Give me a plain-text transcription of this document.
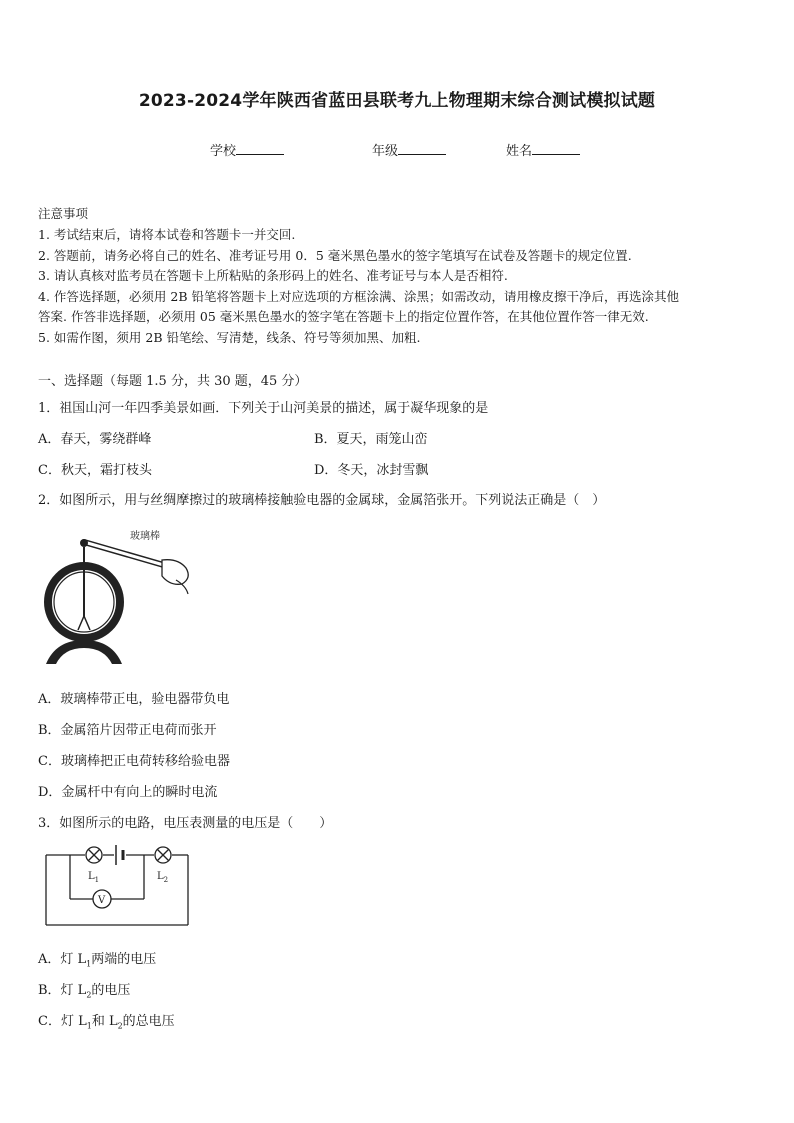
2023-2024学年陕西省蓝田县联考九上物理期末综合测试模拟试题
学校	年级	姓名
注意事项
1. 考试结束后，请将本试卷和答题卡一并交回.
2. 答题前，请务必将自己的姓名、准考证号用 0．5 毫米黑色墨水的签字笔填写在试卷及答题卡的规定位置.
3. 请认真核对监考员在答题卡上所粘贴的条形码上的姓名、准考证号与本人是否相符.
4. 作答选择题，必须用 2B 铅笔将答题卡上对应选项的方框涂满、涂黑；如需改动，请用橡皮擦干净后，再选涂其他
答案. 作答非选择题，必须用 05 毫米黑色墨水的签字笔在答题卡上的指定位置作答，在其他位置作答一律无效.
5. 如需作图，须用 2B 铅笔绘、写清楚，线条、符号等须加黑、加粗.
一、选择题（每题 1.5 分，共 30 题，45 分）
1．祖国山河一年四季美景如画．下列关于山河美景的描述，属于凝华现象的是
A．春天，雾绕群峰	B．夏天，雨笼山峦
C．秋天，霜打枝头	D．冬天，冰封雪飘
2．如图所示，用与丝绸摩擦过的玻璃棒接触验电器的金属球，金属箔张开。下列说法正确是（　）
玻璃棒
A．玻璃棒带正电，验电器带负电
B．金属箔片因带正电荷而张开
C．玻璃棒把正电荷转移给验电器
D．金属杆中有向上的瞬时电流
3．如图所示的电路，电压表测量的电压是（　　）
V
$L_1$	$L_2$
A．灯 $L_1$两端的电压
B．灯 $L_2$的电压
C．灯 $L_1$和 $L_2$的总电压
